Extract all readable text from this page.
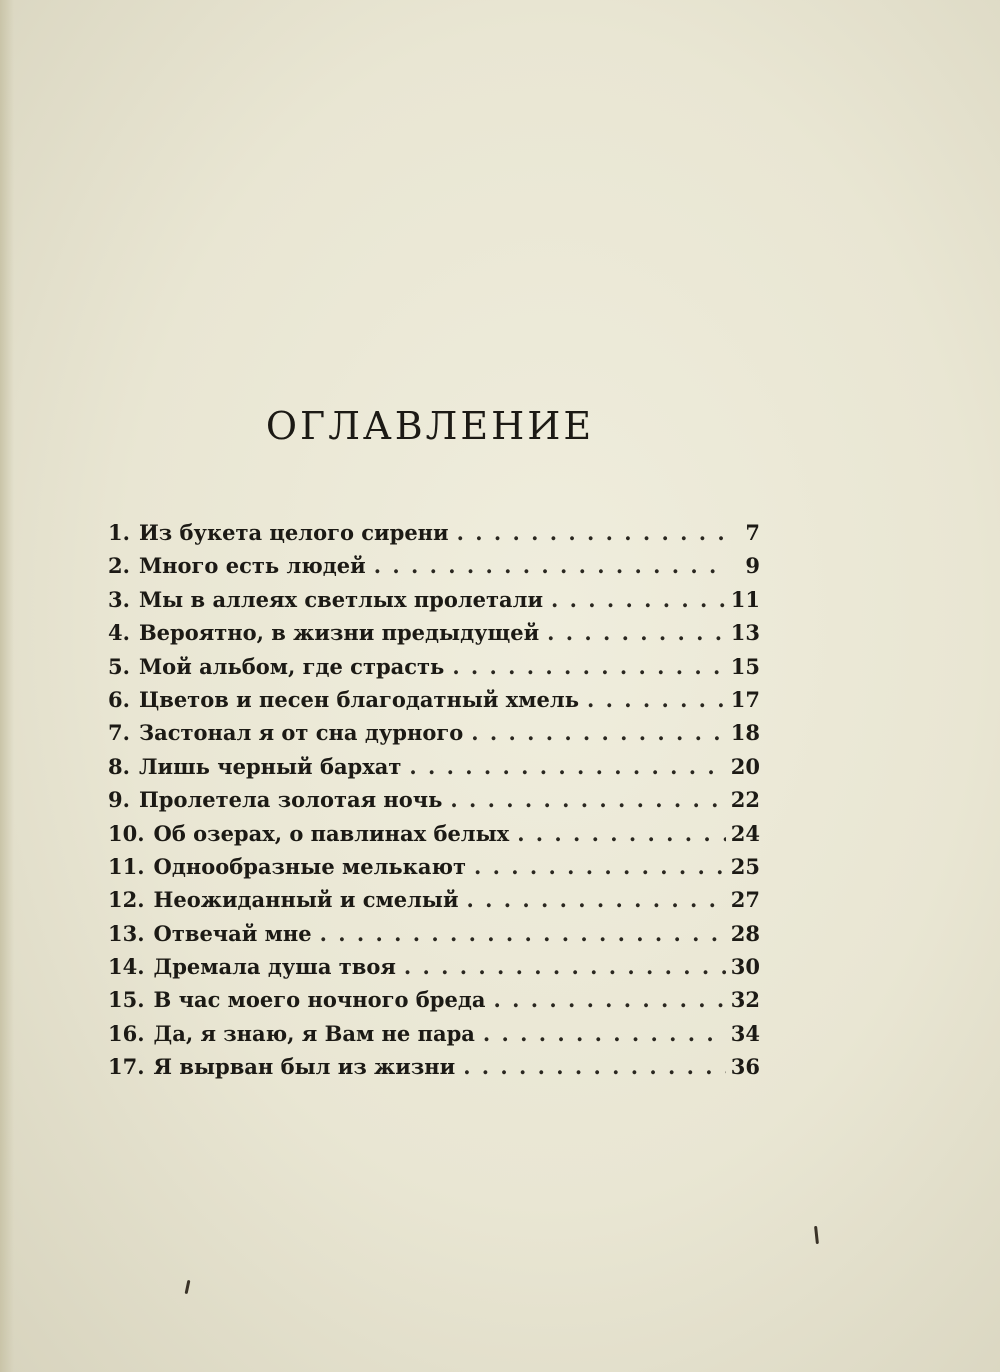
ОГЛАВЛЕНИЕ
1. Из букета целого сирени . . .	7
2. Много есть людей . . .	9
3. Мы в аллеях светлых пролетали . . .	11
4. Вероятно, в жизни предыдущей . . .	13
5. Мой альбом, где страсть . . .	15
6. Цветов и песен благодатный хмель . . .	17
7. Застонал я от сна дурного . . .	18
8. Лишь черный бархат . . .	20
9. Пролетела золотая ночь . . .	22
10. Об озерах, о павлинах белых . . .	24
11. Однообразные мелькают . . .	25
12. Неожиданный и смелый . . .	27
13. Отвечай мне . . .	28
14. Дремала душа твоя . . .	30
15. В час моего ночного бреда . . .	32
16. Да, я знаю, я Вам не пара . . .	34
17. Я вырван был из жизни . . .	36
